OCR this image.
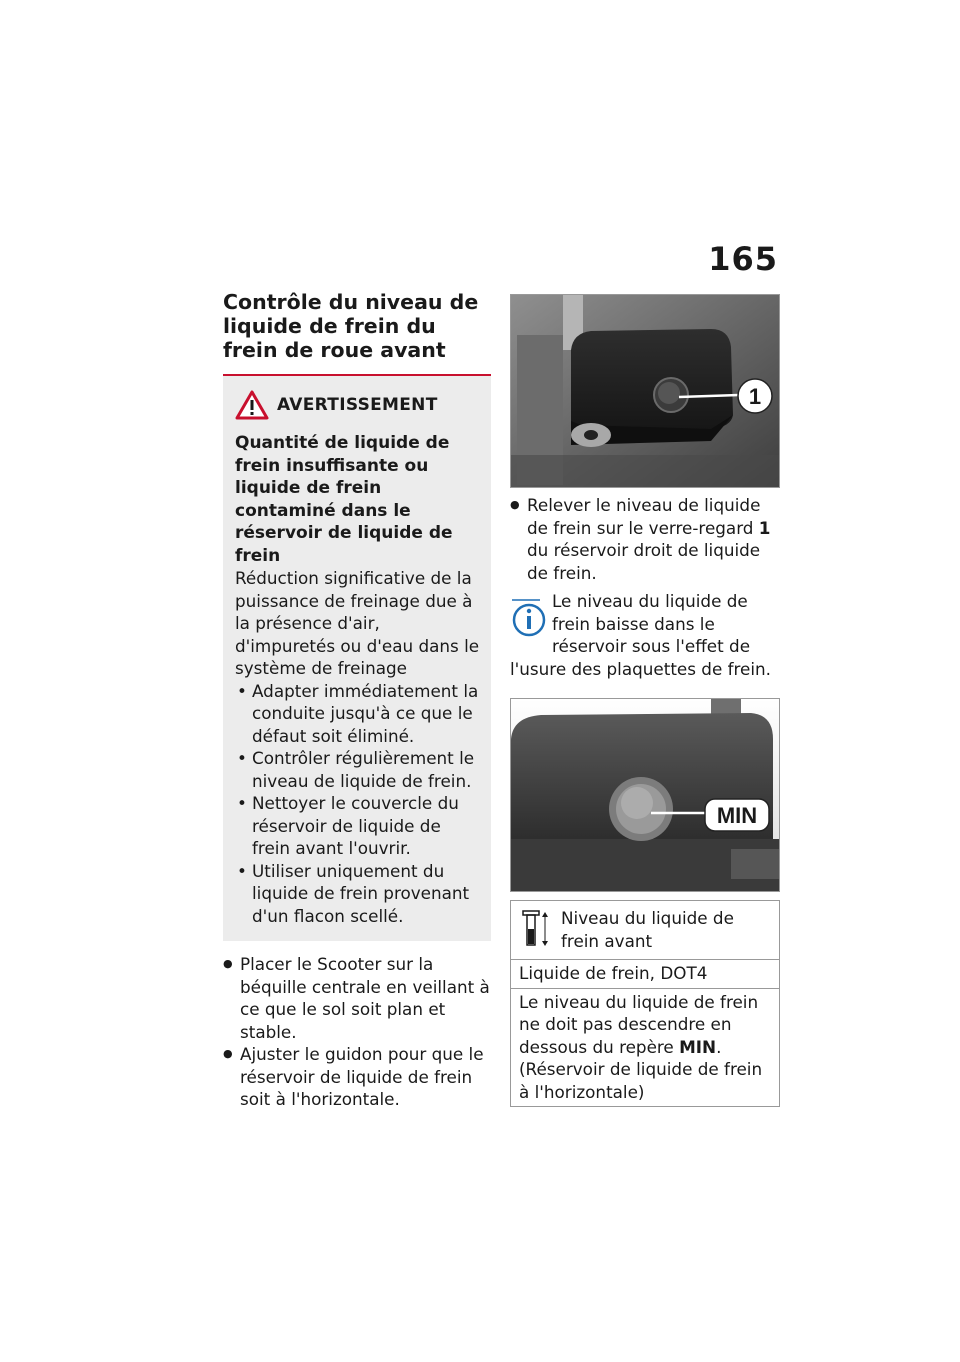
165
Contrôle du niveau de liquide de frein du frein de roue avant
AVERTISSEMENT
Quantité de liquide de frein insuffisante ou liquide de frein contaminé dans le réservoir de liquide de frein
Réduction significative de la puissance de freinage due à la présence d'air, d'impuretés ou d'eau dans le système de freinage
• Adapter immédiatement la conduite jusqu'à ce que le défaut soit éliminé.
• Contrôler régulièrement le niveau de liquide de frein.
• Nettoyer le couvercle du réservoir de liquide de frein avant l'ouvrir.
• Utiliser uniquement du liquide de frein provenant d'un flacon scellé.
● Placer le Scooter sur la béquille centrale en veillant à ce que le sol soit plan et stable.
● Ajuster le guidon pour que le réservoir de liquide de frein soit à l'horizontale.
1
● Relever le niveau de liquide de frein sur le verre-regard 1 du réservoir droit de liquide de frein.
Le niveau du liquide de frein baisse dans le réservoir sous l'effet de l'usure des plaquettes de frein.
MIN
Niveau du liquide de frein avant
Liquide de frein, DOT4
Le niveau du liquide de frein ne doit pas descendre en dessous du repère MIN. (Réservoir de liquide de frein à l'horizontale)
